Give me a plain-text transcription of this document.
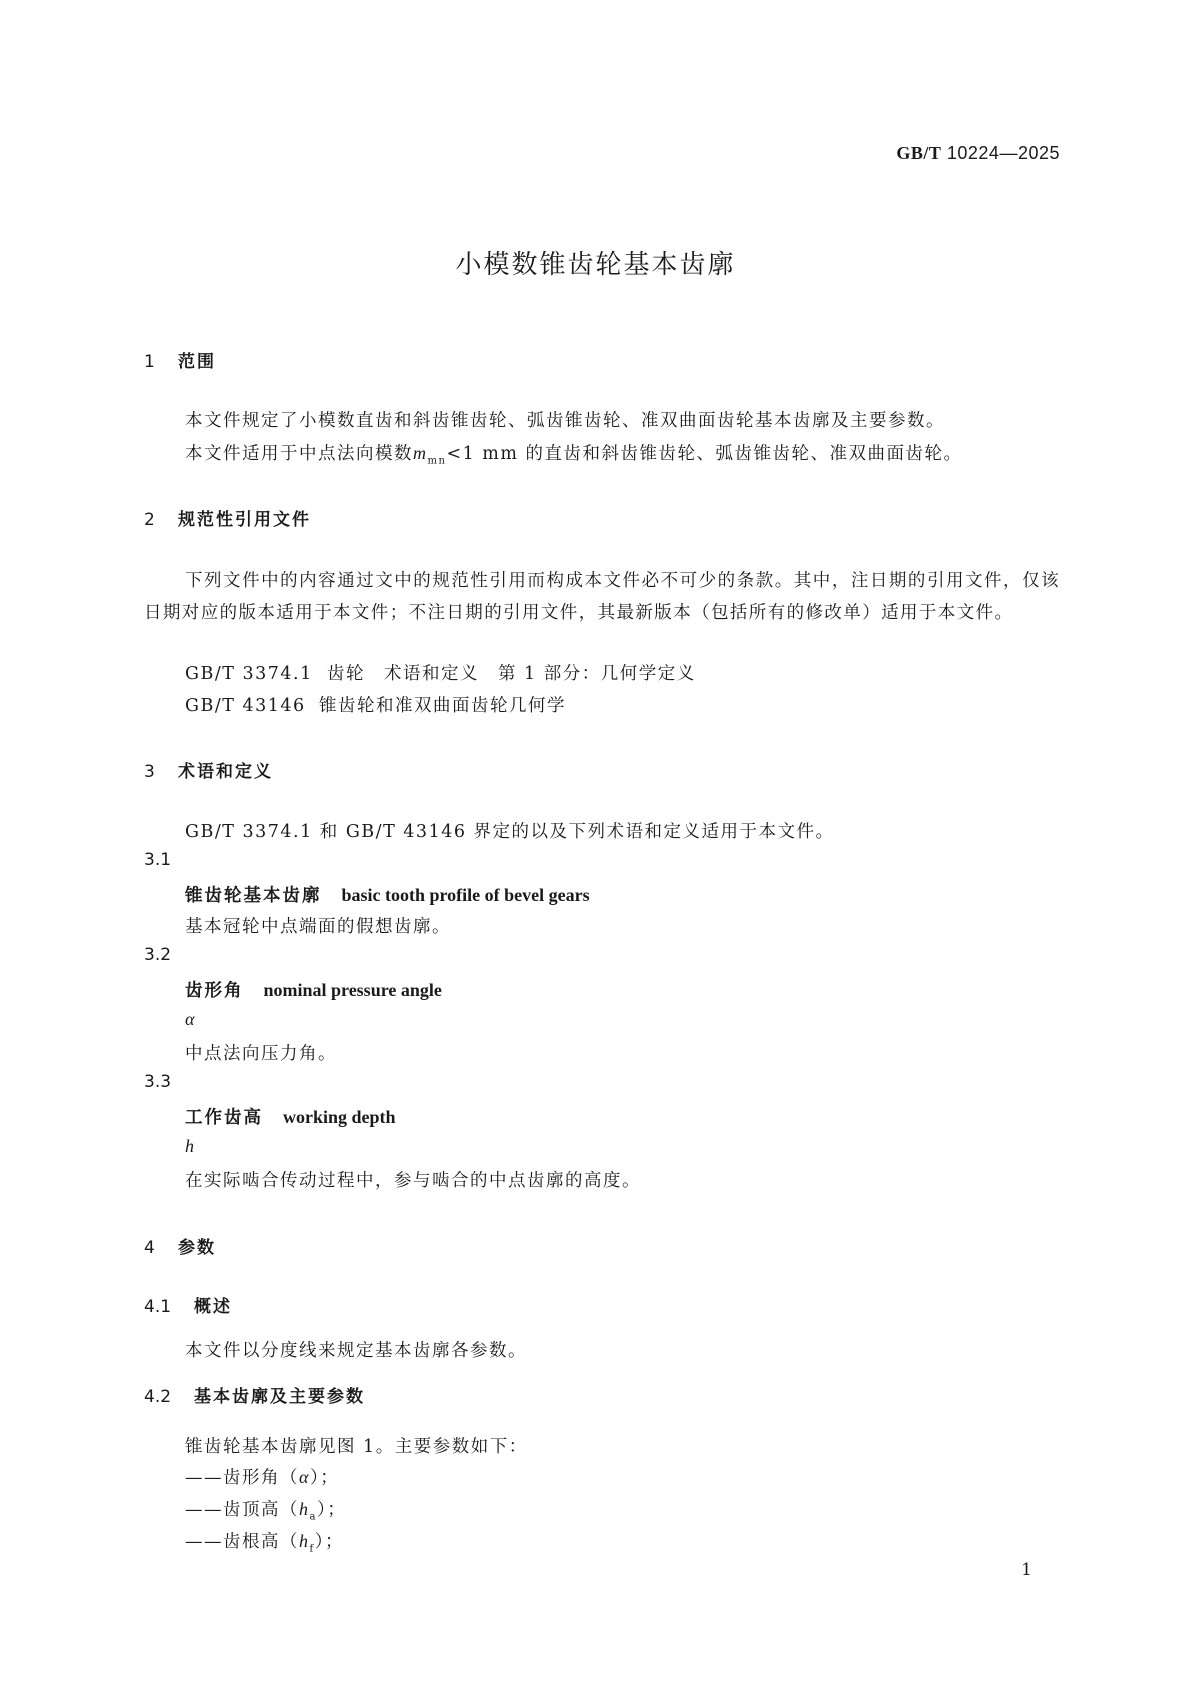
GB/T 10224—2025
小模数锥齿轮基本齿廓
1 范围
本文件规定了小模数直齿和斜齿锥齿轮、弧齿锥齿轮、准双曲面齿轮基本齿廓及主要参数。
本文件适用于中点法向模数$m_{mn}<1$ mm 的直齿和斜齿锥齿轮、弧齿锥齿轮、准双曲面齿轮。
2 规范性引用文件
下列文件中的内容通过文中的规范性引用而构成本文件必不可少的条款。其中，注日期的引用文件，仅该日期对应的版本适用于本文件；不注日期的引用文件，其最新版本（包括所有的修改单）适用于本文件。
GB/T 3374.1 齿轮　术语和定义　第 1 部分：几何学定义
GB/T 43146 锥齿轮和准双曲面齿轮几何学
3 术语和定义
GB/T 3374.1 和 GB/T 43146 界定的以及下列术语和定义适用于本文件。
3.1
锥齿轮基本齿廓 basic tooth profile of bevel gears
基本冠轮中点端面的假想齿廓。
3.2
齿形角 nominal pressure angle
α
中点法向压力角。
3.3
工作齿高 working depth
h
在实际啮合传动过程中，参与啮合的中点齿廓的高度。
4 参数
4.1 概述
本文件以分度线来规定基本齿廓各参数。
4.2 基本齿廓及主要参数
锥齿轮基本齿廓见图 1。主要参数如下：
——齿形角（α）；
——齿顶高$(h_a)$；
——齿根高$(h_f)$；
1
